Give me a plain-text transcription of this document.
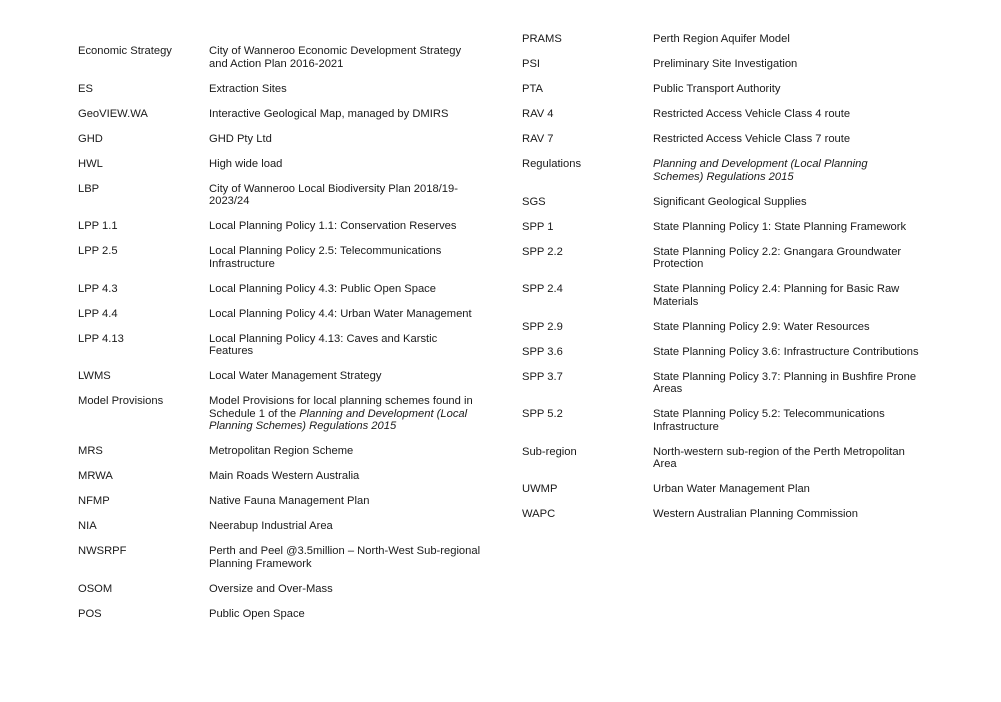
Economic Strategy	City of Wanneroo Economic Development Strategy and Action Plan 2016-2021
ES	Extraction Sites
GeoVIEW.WA	Interactive Geological Map, managed by DMIRS
GHD	GHD Pty Ltd
HWL	High wide load
LBP	City of Wanneroo Local Biodiversity Plan 2018/19-2023/24
LPP 1.1	Local Planning Policy 1.1: Conservation Reserves
LPP 2.5	Local Planning Policy 2.5: Telecommunications Infrastructure
LPP 4.3	Local Planning Policy 4.3: Public Open Space
LPP 4.4	Local Planning Policy 4.4: Urban Water Management
LPP 4.13	Local Planning Policy 4.13: Caves and Karstic Features
LWMS	Local Water Management Strategy
Model Provisions	Model Provisions for local planning schemes found in Schedule 1 of the Planning and Development (Local Planning Schemes) Regulations 2015
MRS	Metropolitan Region Scheme
MRWA	Main Roads Western Australia
NFMP	Native Fauna Management Plan
NIA	Neerabup Industrial Area
NWSRPF	Perth and Peel @3.5million – North-West Sub-regional Planning Framework
OSOM	Oversize and Over-Mass
POS	Public Open Space
PRAMS	Perth Region Aquifer Model
PSI	Preliminary Site Investigation
PTA	Public Transport Authority
RAV 4	Restricted Access Vehicle Class 4 route
RAV 7	Restricted Access Vehicle Class 7 route
Regulations	Planning and Development (Local Planning Schemes) Regulations 2015
SGS	Significant Geological Supplies
SPP 1	State Planning Policy 1: State Planning Framework
SPP 2.2	State Planning Policy 2.2: Gnangara Groundwater Protection
SPP 2.4	State Planning Policy 2.4: Planning for Basic Raw Materials
SPP 2.9	State Planning Policy 2.9: Water Resources
SPP 3.6	State Planning Policy 3.6: Infrastructure Contributions
SPP 3.7	State Planning Policy 3.7: Planning in Bushfire Prone Areas
SPP 5.2	State Planning Policy 5.2: Telecommunications Infrastructure
Sub-region	North-western sub-region of the Perth Metropolitan Area
UWMP	Urban Water Management Plan
WAPC	Western Australian Planning Commission
